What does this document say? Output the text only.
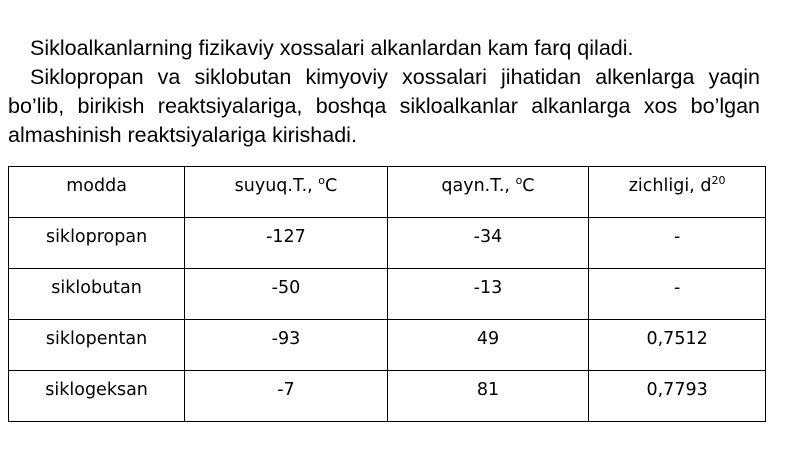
Sikloalkanlarning fizikaviy xossalari alkanlardan kam farq qiladi.

Siklopropan va siklobutan kimyoviy xossalari jihatidan alkenlarga yaqin bo’lib, birikish reaktsiyalariga, boshqa sikloalkanlar alkanlarga xos bo’lgan almashinish reaktsiyalariga kirishadi.

modda	suyuq.T., $^o$C	qayn.T., $^o$C	zichligi, $d^{20}$
siklopropan	-127	-34	-
siklobutan	-50	-13	-
siklopentan	-93	49	0,7512
siklogeksan	-7	81	0,7793
